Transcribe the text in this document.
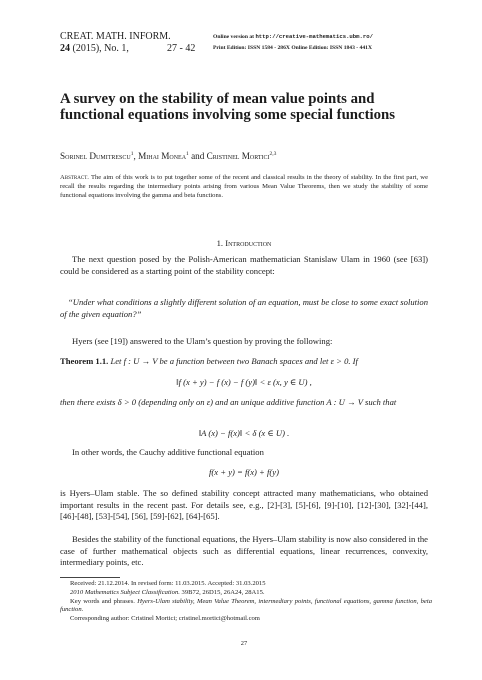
CREAT. MATH. INFORM.
24 (2015), No. 1,	27 - 42
Online version at http://creative-mathematics.ubm.ro/
Print Edition: ISSN 1584 - 286X Online Edition: ISSN 1843 - 441X
A survey on the stability of mean value points and functional equations involving some special functions
Sorinel Dumitrescu$^1$, Mihai Monea$^1$ and Cristinel Mortici$^{2,3}$
Abstract. The aim of this work is to put together some of the recent and classical results in the theory of stability. In the first part, we recall the results regarding the intermediary points arising from various Mean Value Theorems, then we study the stability of some functional equations involving the gamma and beta functions.
1. Introduction
The next question posed by the Polish-American mathematician Stanislaw Ulam in 1960 (see [63]) could be considered as a starting point of the stability concept:
“Under what conditions a slightly different solution of an equation, must be close to some exact solution of the given equation?”
Hyers (see [19]) answered to the Ulam’s question by proving the following:
Theorem 1.1. Let f : U → V be a function between two Banach spaces and let ε > 0. If
‖f (x + y) − f (x) − f (y)‖ < ε (x, y ∈ U) ,
then there exists δ > 0 (depending only on ε) and an unique additive function A : U → V such that
‖A (x) − f(x)‖ < δ (x ∈ U) .
In other words, the Cauchy additive functional equation
f(x + y) = f(x) + f(y)
is Hyers–Ulam stable. The so defined stability concept attracted many mathematicians, who obtained important results in the recent past. For details see, e.g., [2]-[3], [5]-[6], [9]-[10], [12]-[30], [32]-[44], [46]-[48], [53]-[54], [56], [59]-[62], [64]-[65].
Besides the stability of the functional equations, the Hyers–Ulam stability is now also considered in the case of further mathematical objects such as differential equations, linear recurrences, convexity, intermediary points, etc.
Received: 21.12.2014. In revised form: 11.03.2015. Accepted: 31.03.2015
2010 Mathematics Subject Classification. 39B72, 26D15, 26A24, 28A15.
Key words and phrases. Hyers-Ulam stability, Mean Value Theorem, intermediary points, functional equations, gamma function, beta function.
Corresponding author: Cristinel Mortici; cristinel.mortici@hotmail.com
27
